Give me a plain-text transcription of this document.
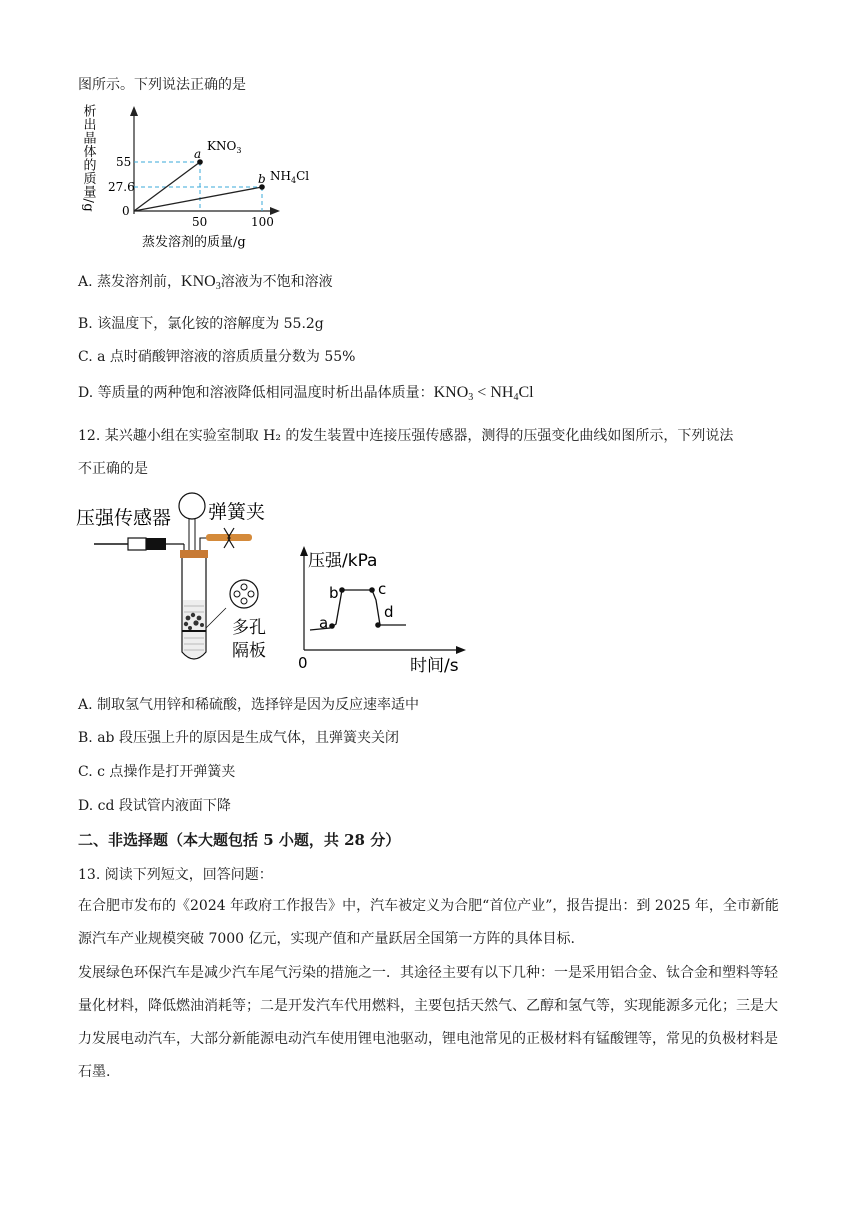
图所示。下列说法正确的是
析出晶体的质量/g 55
27.6
0
50	100
a
b
$KNO_3$
$NH_4Cl$
蒸发溶剂的质量/g
A. 蒸发溶剂前，$KNO_3$溶液为不饱和溶液
B. 该温度下，氯化铵的溶解度为 55.2g
C. a 点时硝酸钾溶液的溶质质量分数为 55%
D. 等质量的两种饱和溶液降低相同温度时析出晶体质量：$KNO_3 < NH_4Cl$
12. 某兴趣小组在实验室制取 H₂ 的发生装置中连接压强传感器，测得的压强变化曲线如图所示，下列说法
不正确的是
压强传感器 弹簧夹
多孔
隔板
压强/kPa
0	时间/s
a
b	c
d
A. 制取氢气用锌和稀硫酸，选择锌是因为反应速率适中
B. ab 段压强上升的原因是生成气体，且弹簧夹关闭
C. c 点操作是打开弹簧夹
D. cd 段试管内液面下降
二、非选择题（本大题包括 5 小题，共 28 分）
13. 阅读下列短文，回答问题：
在合肥市发布的《2024 年政府工作报告》中，汽车被定义为合肥“首位产业”，报告提出：到 2025 年，全市新能源汽车产业规模突破 7000 亿元，实现产值和产量跃居全国第一方阵的具体目标.
发展绿色环保汽车是减少汽车尾气污染的措施之一．其途径主要有以下几种：一是采用铝合金、钛合金和塑料等轻量化材料，降低燃油消耗等；二是开发汽车代用燃料，主要包括天然气、乙醇和氢气等，实现能源多元化；三是大力发展电动汽车，大部分新能源电动汽车使用锂电池驱动，锂电池常见的正极材料有锰酸锂等，常见的负极材料是石墨.
